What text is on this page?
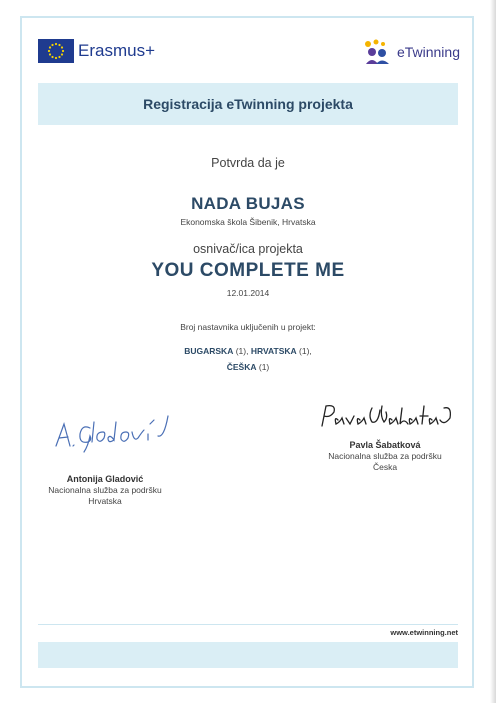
Erasmus+	eTwinning
Registracija eTwinning projekta
Potvrda da je
NADA BUJAS
Ekonomska škola Šibenik, Hrvatska
osnivač/ica projekta
YOU COMPLETE ME
12.01.2014
Broj nastavnika uključenih u projekt:
BUGARSKA (1), HRVATSKA (1),
ČEŠKA (1)
Antonija Gladović
Nacionalna služba za podršku
Hrvatska
Pavla Šabatková
Nacionalna služba za podršku
Česka
www.etwinning.net
